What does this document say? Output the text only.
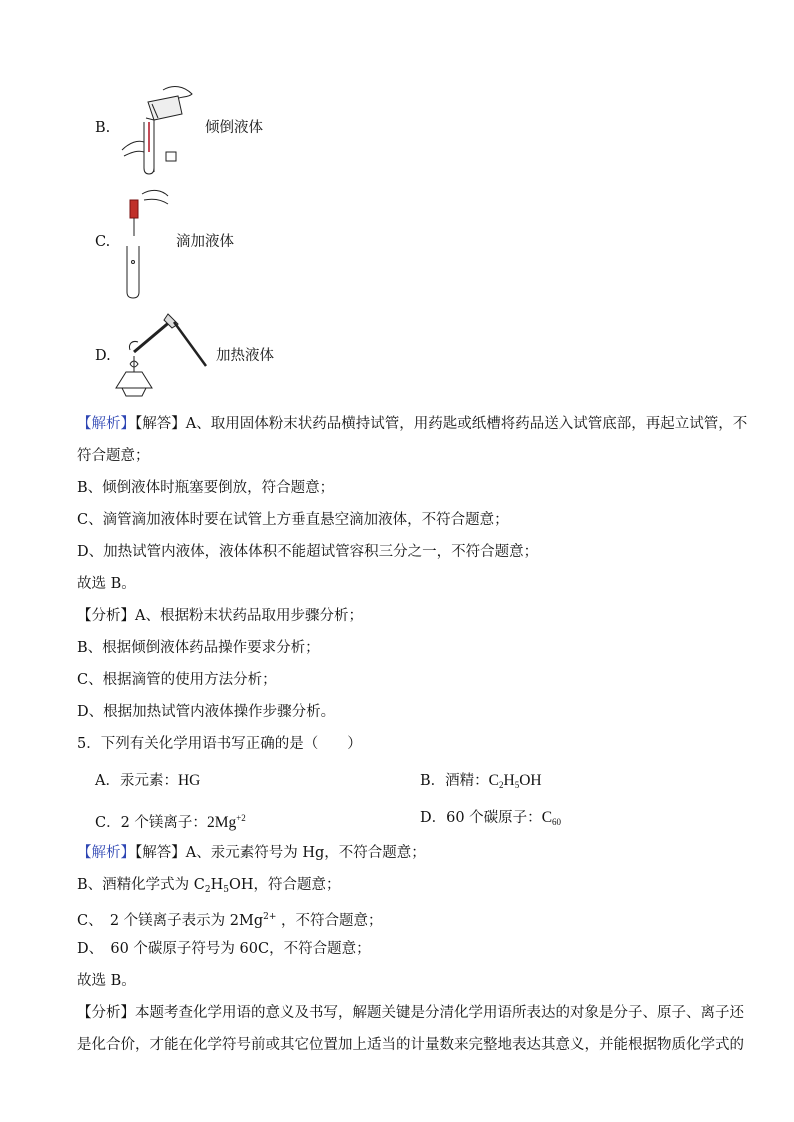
B.	倾倒液体
C.	滴加液体
D.	加热液体
【解析】【解答】A、取用固体粉末状药品横持试管，用药匙或纸槽将药品送入试管底部，再起立试管，不
符合题意；
B、倾倒液体时瓶塞要倒放，符合题意；
C、滴管滴加液体时要在试管上方垂直悬空滴加液体，不符合题意；
D、加热试管内液体，液体体积不能超试管容积三分之一，不符合题意；
故选 B。
【分析】A、根据粉末状药品取用步骤分析；
B、根据倾倒液体药品操作要求分析；
C、根据滴管的使用方法分析；
D、根据加热试管内液体操作步骤分析。
5．下列有关化学用语书写正确的是（　　）
A．汞元素：HG	B．酒精：$C_2H_5OH$
C．2 个镁离子：$2Mg^{+2}$	D．60 个碳原子：$C_{60}$
【解析】【解答】A、汞元素符号为 Hg，不符合题意；
B、酒精化学式为 $C_2H_5OH$，符合题意；
C、　2 个镁离子表示为 $2Mg^{2+}$ ，不符合题意；
D、　60 个碳原子符号为 60C，不符合题意；
故选 B。
【分析】本题考查化学用语的意义及书写，解题关键是分清化学用语所表达的对象是分子、原子、离子还
是化合价，才能在化学符号前或其它位置加上适当的计量数来完整地表达其意义，并能根据物质化学式的
